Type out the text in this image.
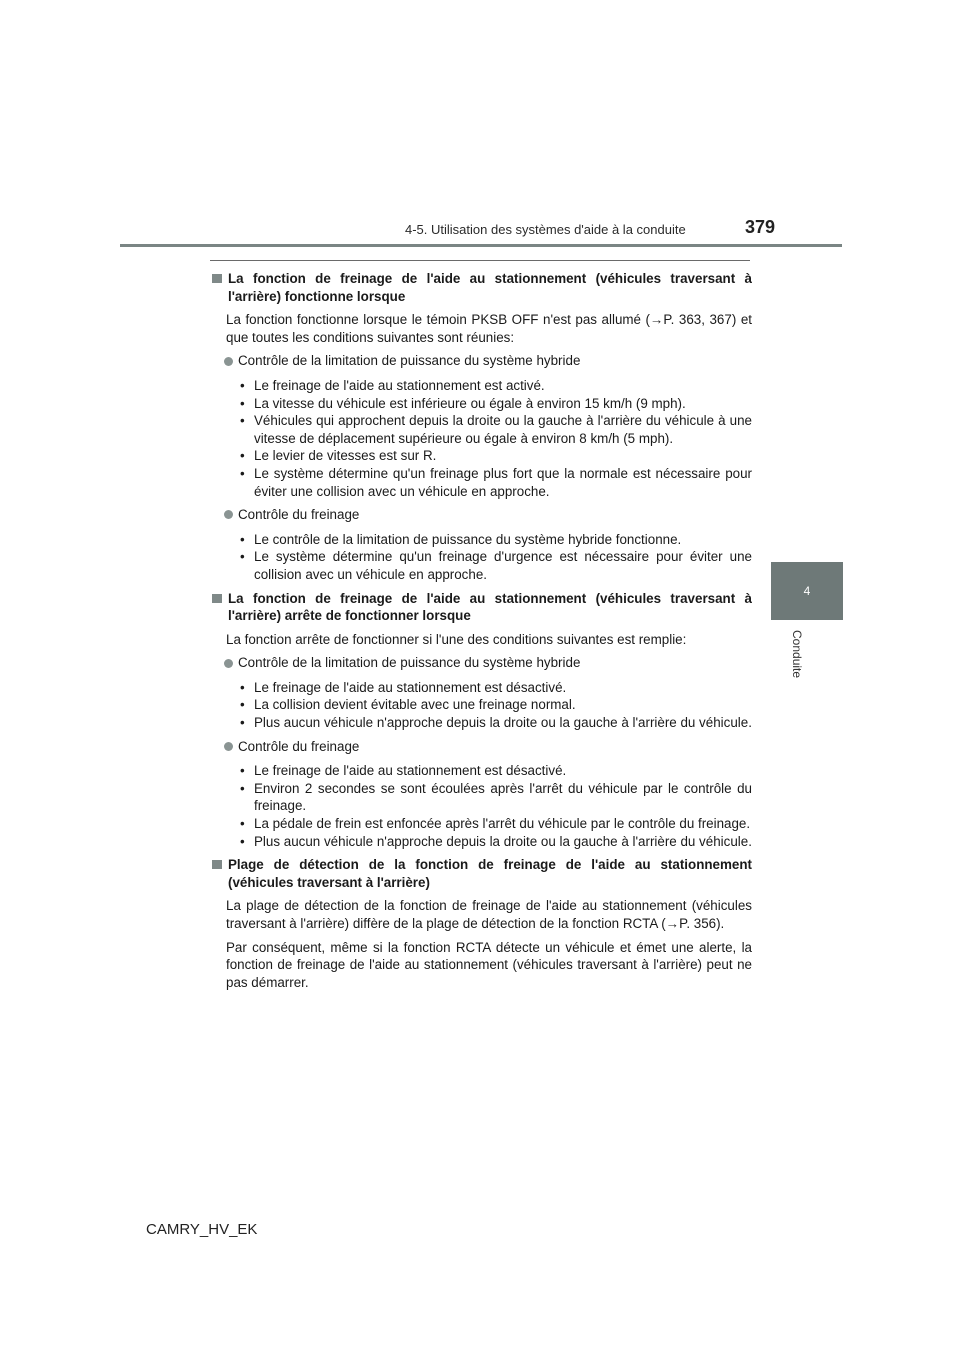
4-5. Utilisation des systèmes d'aide à la conduite	379
4
Conduite
La fonction de freinage de l'aide au stationnement (véhicules traversant à l'arrière) fonctionne lorsque

La fonction fonctionne lorsque le témoin PKSB OFF n'est pas allumé (→P. 363, 367) et que toutes les conditions suivantes sont réunies:

Contrôle de la limitation de puissance du système hybride
• Le freinage de l'aide au stationnement est activé.
• La vitesse du véhicule est inférieure ou égale à environ 15 km/h (9 mph).
• Véhicules qui approchent depuis la droite ou la gauche à l'arrière du véhicule à une vitesse de déplacement supérieure ou égale à environ 8 km/h (5 mph).
• Le levier de vitesses est sur R.
• Le système détermine qu'un freinage plus fort que la normale est nécessaire pour éviter une collision avec un véhicule en approche.
Contrôle du freinage
• Le contrôle de la limitation de puissance du système hybride fonctionne.
• Le système détermine qu'un freinage d'urgence est nécessaire pour éviter une collision avec un véhicule en approche.
La fonction de freinage de l'aide au stationnement (véhicules traversant à l'arrière) arrête de fonctionner lorsque

La fonction arrête de fonctionner si l'une des conditions suivantes est remplie:

Contrôle de la limitation de puissance du système hybride
• Le freinage de l'aide au stationnement est désactivé.
• La collision devient évitable avec une freinage normal.
• Plus aucun véhicule n'approche depuis la droite ou la gauche à l'arrière du véhicule.
Contrôle du freinage
• Le freinage de l'aide au stationnement est désactivé.
• Environ 2 secondes se sont écoulées après l'arrêt du véhicule par le contrôle du freinage.
• La pédale de frein est enfoncée après l'arrêt du véhicule par le contrôle du freinage.
• Plus aucun véhicule n'approche depuis la droite ou la gauche à l'arrière du véhicule.
Plage de détection de la fonction de freinage de l'aide au stationnement (véhicules traversant à l'arrière)

La plage de détection de la fonction de freinage de l'aide au stationnement (véhicules traversant à l'arrière) diffère de la plage de détection de la fonction RCTA (→P. 356).

Par conséquent, même si la fonction RCTA détecte un véhicule et émet une alerte, la fonction de freinage de l'aide au stationnement (véhicules traversant à l'arrière) peut ne pas démarrer.

CAMRY_HV_EK
